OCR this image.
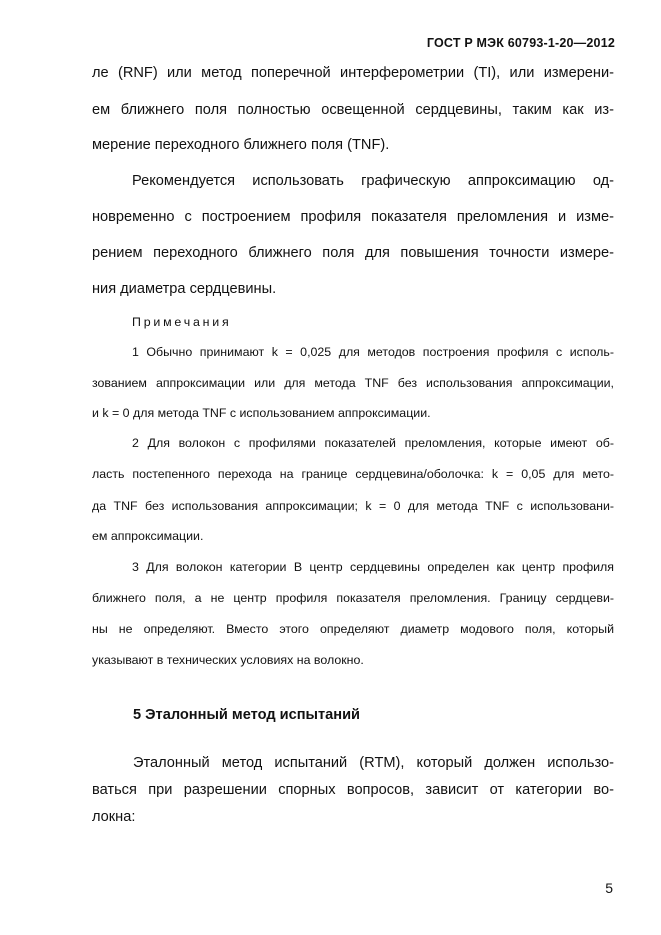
ГОСТ Р МЭК 60793-1-20—2012
ле (RNF) или метод поперечной интерферометрии (TI), или измерени-
ем ближнего поля полностью освещенной сердцевины, таким как из-
мерение переходного ближнего поля (TNF).
Рекомендуется использовать графическую аппроксимацию од-
новременно с построением профиля показателя преломления и изме-
рением переходного ближнего поля для повышения точности измере-
ния диаметра сердцевины.
Примечания
1 Обычно принимают k = 0,025 для методов построения профиля с исполь-
зованием аппроксимации или для метода TNF без использования аппроксимации,
и k = 0 для метода TNF с использованием аппроксимации.
2 Для волокон с профилями показателей преломления, которые имеют об-
ласть постепенного перехода на границе сердцевина/оболочка: k = 0,05 для мето-
да TNF без использования аппроксимации; k = 0 для метода TNF с использовани-
ем аппроксимации.
3 Для волокон категории В центр сердцевины определен как центр профиля
ближнего поля, а не центр профиля показателя преломления. Границу сердцеви-
ны не определяют. Вместо этого определяют диаметр модового поля, который
указывают в технических условиях на волокно.
5 Эталонный метод испытаний
Эталонный метод испытаний (RTM), который должен использо-
ваться при разрешении спорных вопросов, зависит от категории во-
локна:
5
